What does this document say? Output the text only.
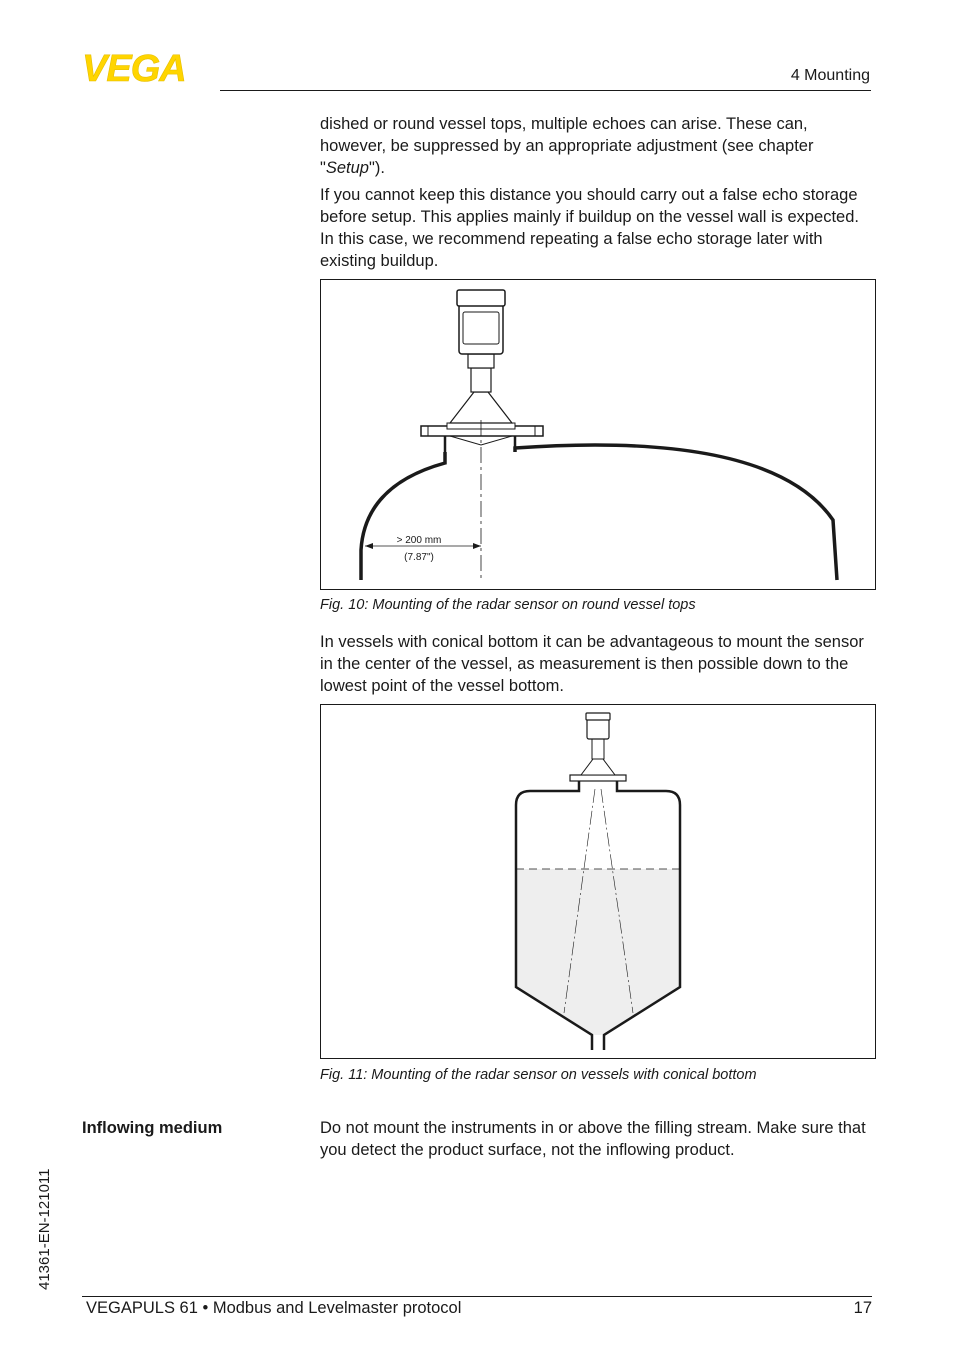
VEGA	4 Mounting

dished or round vessel tops, multiple echoes can arise. These can, however, be suppressed by an appropriate adjustment (see chapter "Setup").

If you cannot keep this distance you should carry out a false echo storage before setup. This applies mainly if buildup on the vessel wall is expected. In this case, we recommend repeating a false echo storage later with existing buildup.

> 200 mm
(7.87")
Fig. 10: Mounting of the radar sensor on round vessel tops

In vessels with conical bottom it can be advantageous to mount the sensor in the center of the vessel, as measurement is then possible down to the lowest point of the vessel bottom.

Fig. 11: Mounting of the radar sensor on vessels with conical bottom
Inflowing medium	Do not mount the instruments in or above the filling stream. Make sure that you detect the product surface, not the inflowing product.

41361-EN-121011
VEGAPULS 61 • Modbus and Levelmaster protocol	17
